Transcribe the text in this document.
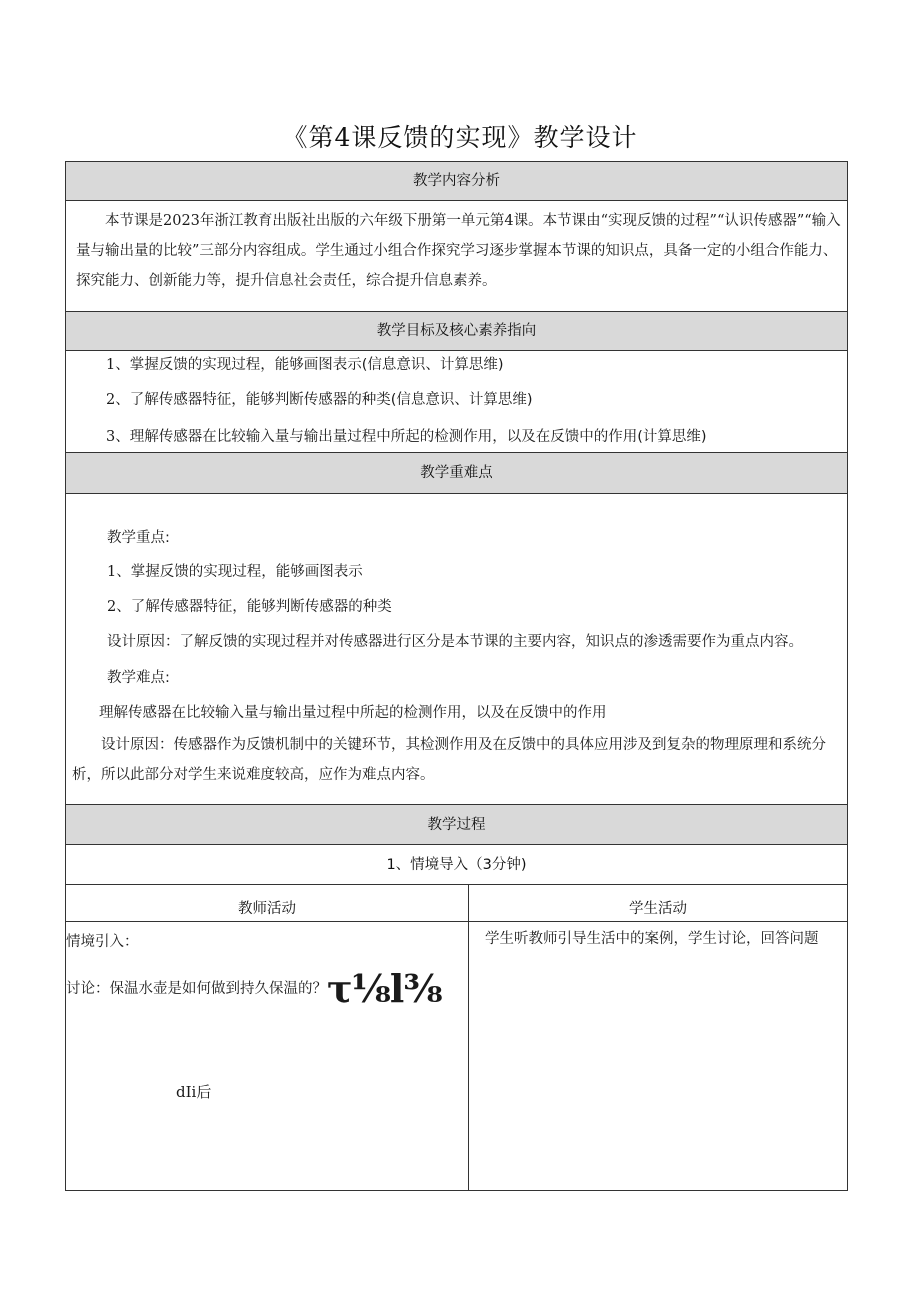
《第4课反馈的实现》教学设计
教学内容分析
本节课是2023年浙江教育出版社出版的六年级下册第一单元第4课。本节课由“实现反馈的过程”“认识传感器”“输入量与输出量的比较”三部分内容组成。学生通过小组合作探究学习逐步掌握本节课的知识点，具备一定的小组合作能力、探究能力、创新能力等，提升信息社会责任，综合提升信息素养。
教学目标及核心素养指向
1、掌握反馈的实现过程，能够画图表示(信息意识、计算思维)
2、了解传感器特征，能够判断传感器的种类(信息意识、计算思维)
3、理解传感器在比较输入量与输出量过程中所起的检测作用，以及在反馈中的作用(计算思维)
教学重难点
教学重点:
1、掌握反馈的实现过程，能够画图表示
2、了解传感器特征，能够判断传感器的种类
设计原因：了解反馈的实现过程并对传感器进行区分是本节课的主要内容，知识点的渗透需要作为重点内容。
教学难点:
理解传感器在比较输入量与输出量过程中所起的检测作用，以及在反馈中的作用
设计原因：传感器作为反馈机制中的关键环节，其检测作用及在反馈中的具体应用涉及到复杂的物理原理和系统分析，所以此部分对学生来说难度较高，应作为难点内容。
教学过程
1、情境导入（3分钟)
教师活动	学生活动
情境引入：
讨论：保温水壶是如何做到持久保温的？τ⅛l⅜
dIi后
学生听教师引导生活中的案例，学生讨论，回答问题
